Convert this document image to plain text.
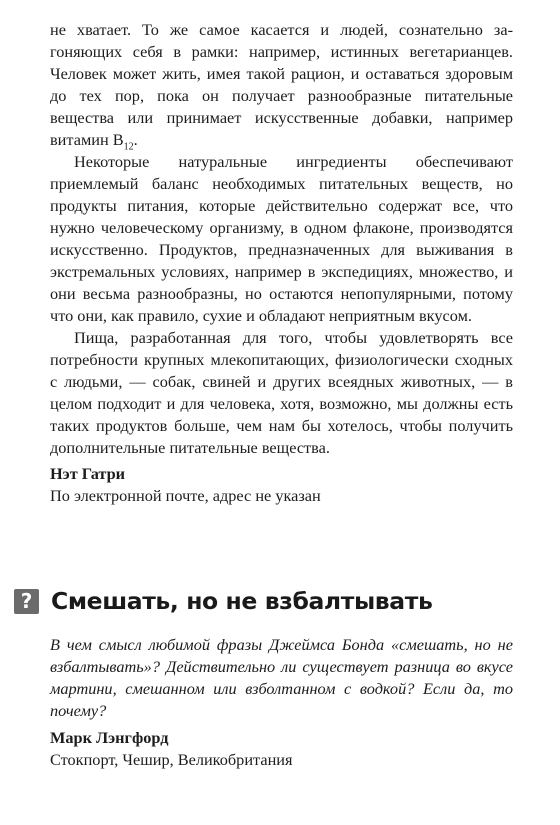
не хватает. То же самое касается и людей, сознательно загоняющих себя в рамки: например, истинных вегетарианцев. Человек может жить, имея такой рацион, и оставаться здоровым до тех пор, пока он получает разнообразные питательные вещества или принимает искусственные добавки, например витамин $B_{12}$.

Некоторые натуральные ингредиенты обеспечивают приемлемый баланс необходимых питательных веществ, но продукты питания, которые действительно содержат все, что нужно человеческому организму, в одном флаконе, производятся искусственно. Продуктов, предназначенных для выживания в экстремальных условиях, например в экспедициях, множество, и они весьма разнообразны, но остаются непопулярными, потому что они, как правило, сухие и обладают неприятным вкусом.

Пища, разработанная для того, чтобы удовлетворять все потребности крупных млекопитающих, физиологически сходных с людьми, — собак, свиней и других всеядных животных, — в целом подходит и для человека, хотя, возможно, мы должны есть таких продуктов больше, чем нам бы хотелось, чтобы получить дополнительные питательные вещества.

Нэт Гатри

По электронной почте, адрес не указан

? Смешать, но не взбалтывать

В чем смысл любимой фразы Джеймса Бонда «смешать, но не взбалтывать»? Действительно ли существует разница во вкусе мартини, смешанном или взболтанном с водкой? Если да, то почему?

Марк Лэнгфорд

Стокпорт, Чешир, Великобритания
